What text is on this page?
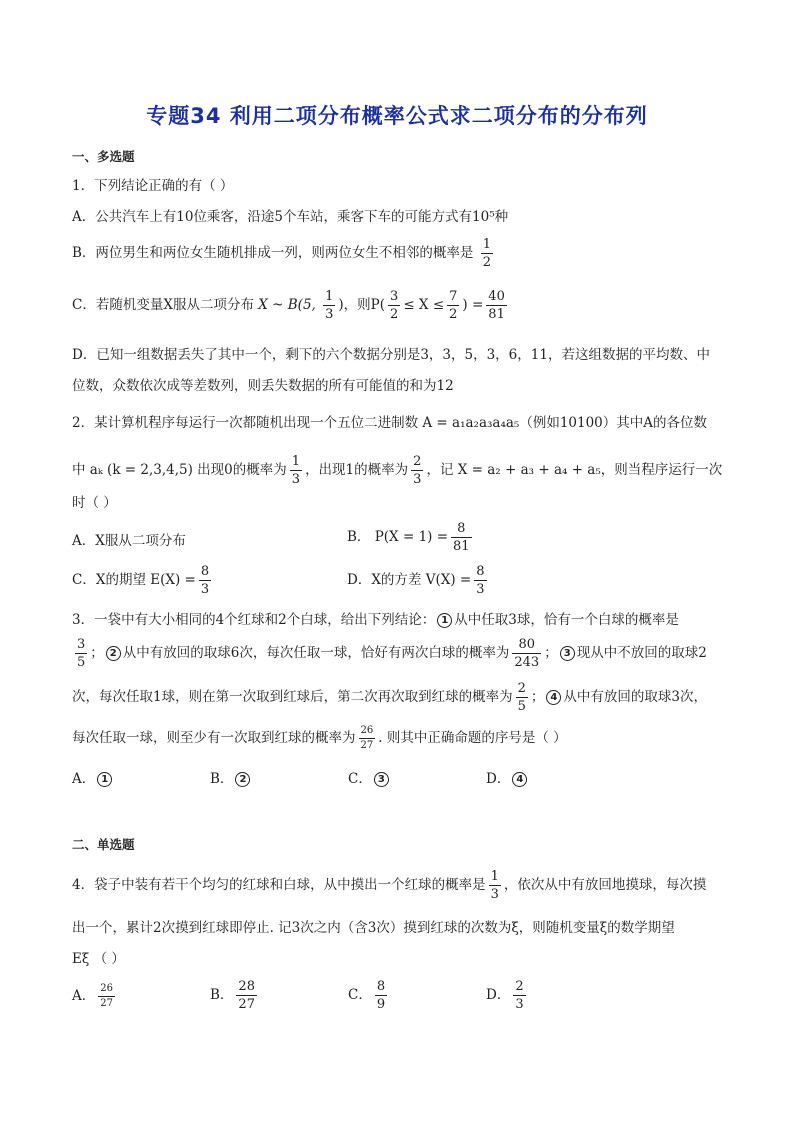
专题34 利用二项分布概率公式求二项分布的分布列
一、多选题
1．下列结论正确的有（ ）
A．公共汽车上有10位乘客，沿途5个车站，乘客下车的可能方式有10⁵种
B．两位男生和两位女生随机排成一列，则两位女生不相邻的概率是 $\frac{1}{2}$
C．若随机变量X服从二项分布 X ~ B(5, $\frac{1}{3}$ )，则$P( \frac{3}{2} \le X \le \frac{7}{2}$ ) = $\frac{40}{81}$
D．已知一组数据丢失了其中一个，剩下的六个数据分别是3，3，5，3，6，11，若这组数据的平均数、中
位数，众数依次成等差数列，则丢失数据的所有可能值的和为12
2．某计算机程序每运行一次都随机出现一个五位二进制数 A = a₁a₂a₃a₄a₅（例如10100）其中A的各位数
中 aₖ (k = 2,3,4,5) 出现0的概率为 $\frac{1}{3}$ ，出现1的概率为 $\frac{2}{3}$ ，记 X = a₂ + a₃ + a₄ + a₅，则当程序运行一次
时（ ）
A．X服从二项分布	B． $P(X = 1) = \frac{8}{81}$
C．X的期望 $E(X) = \frac{8}{3}$	D．X的方差 $V(X) = \frac{8}{3}$
3．一袋中有大小相同的4个红球和2个白球，给出下列结论： 1 从中任取3球，恰有一个白球的概率是
$\frac{3}{5}$ ； 2 从中有放回的取球6次，每次任取一球，恰好有两次白球的概率为 $\frac{80}{243}$ ； 3 现从中不放回的取球2
次，每次任取1球，则在第一次取到红球后，第二次再次取到红球的概率为 $\frac{2}{5}$ ； 4 从中有放回的取球3次，
每次任取一球，则至少有一次取到红球的概率为 $\frac{26}{27}$ . 则其中正确命题的序号是（ ）
A． 1	B． 2	C． 3	D． 4
二、单选题
4．袋子中装有若干个均匀的红球和白球，从中摸出一个红球的概率是 $\frac{1}{3}$ ，依次从中有放回地摸球，每次摸
出一个，累计2次摸到红球即停止. 记3次之内（含3次）摸到红球的次数为ξ，则随机变量ξ的数学期望
Eξ （ ）
A． $\frac{26}{27}$	B． $\frac{28}{27}$	C． $\frac{8}{9}$	D． $\frac{2}{3}$
